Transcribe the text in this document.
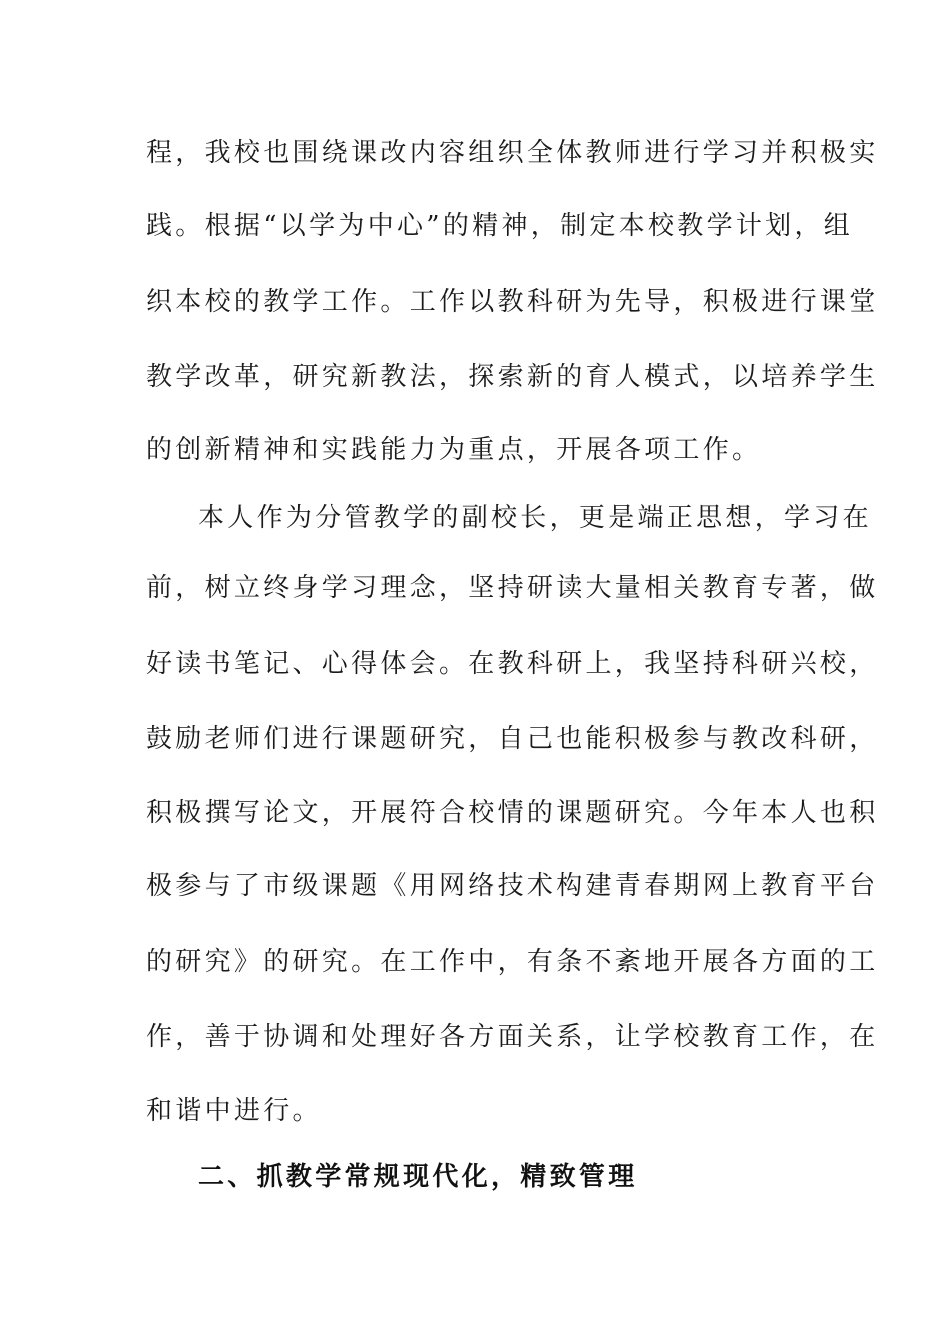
程，我校也围绕课改内容组织全体教师进行学习并积极实
践。根据“以学为中心”的精神，制定本校教学计划，组
织本校的教学工作。工作以教科研为先导，积极进行课堂
教学改革，研究新教法，探索新的育人模式，以培养学生
的创新精神和实践能力为重点，开展各项工作。
本人作为分管教学的副校长，更是端正思想，学习在
前，树立终身学习理念，坚持研读大量相关教育专著，做
好读书笔记、心得体会。在教科研上，我坚持科研兴校，
鼓励老师们进行课题研究，自己也能积极参与教改科研，
积极撰写论文，开展符合校情的课题研究。今年本人也积
极参与了市级课题《用网络技术构建青春期网上教育平台
的研究》的研究。在工作中，有条不紊地开展各方面的工
作，善于协调和处理好各方面关系，让学校教育工作，在
和谐中进行。
二、抓教学常规现代化，精致管理
